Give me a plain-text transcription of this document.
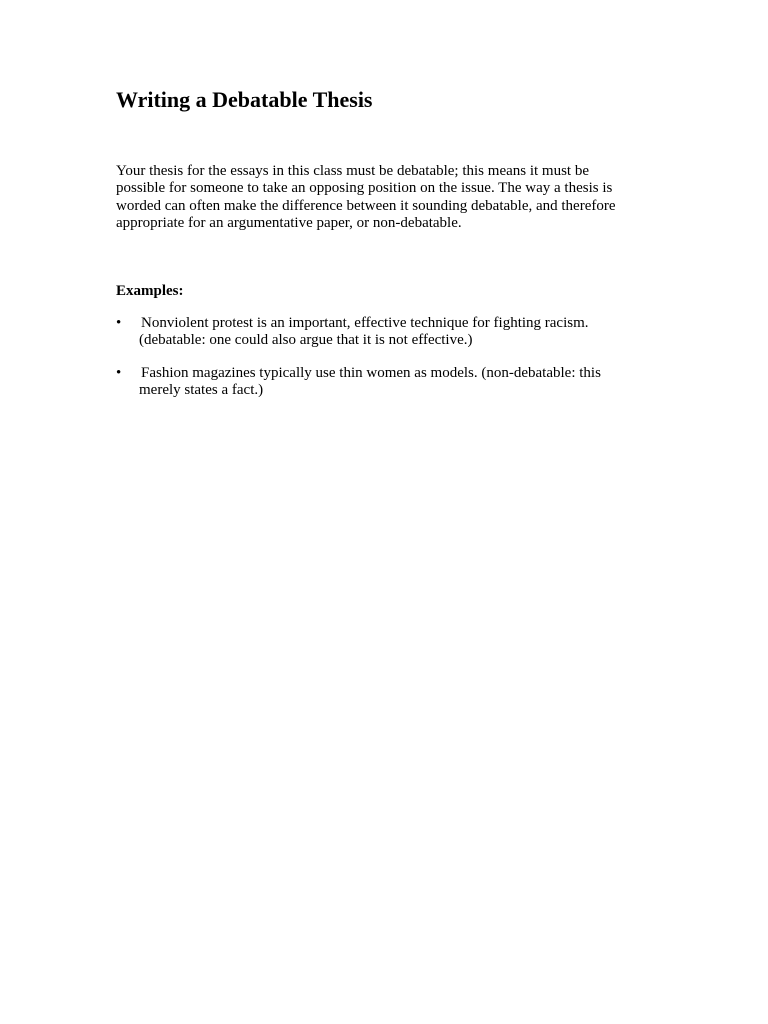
Writing a Debatable Thesis

Your thesis for the essays in this class must be debatable; this means it must be
possible for someone to take an opposing position on the issue. The way a thesis is
worded can often make the difference between it sounding debatable, and therefore
appropriate for an argumentative paper, or non-debatable.

Examples:
• Nonviolent protest is an important, effective technique for fighting racism.
(debatable: one could also argue that it is not effective.)

• Fashion magazines typically use thin women as models. (non-debatable: this
merely states a fact.)
